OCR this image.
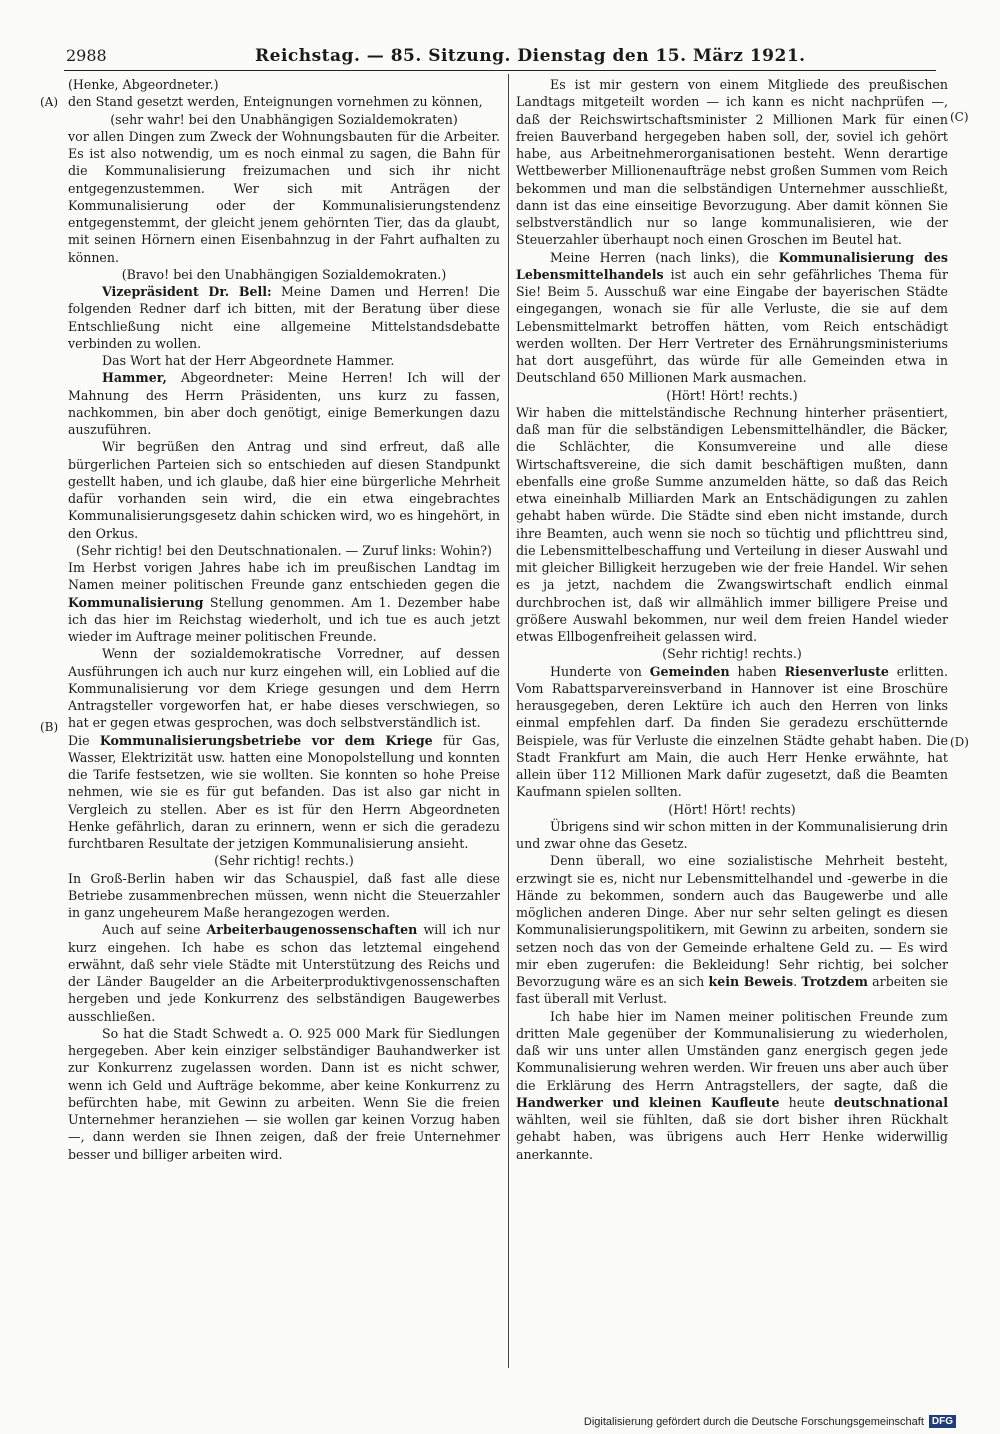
2988	Reichstag. — 85. Sitzung. Dienstag den 15. März 1921.
(A)
(B)
(C)
(D)

(Henke, Abgeordneter.)

den Stand gesetzt werden, Enteignungen vornehmen zu können,

(sehr wahr! bei den Unabhängigen Sozialdemokraten)

vor allen Dingen zum Zweck der Wohnungsbauten für die Arbeiter. Es ist also notwendig, um es noch einmal zu sagen, die Bahn für die Kommunalisierung freizumachen und sich ihr nicht entgegenzustemmen. Wer sich mit Anträgen der Kommunalisierung oder der Kommunalisierungstendenz entgegenstemmt, der gleicht jenem gehörnten Tier, das da glaubt, mit seinen Hörnern einen Eisenbahnzug in der Fahrt aufhalten zu können.

(Bravo! bei den Unabhängigen Sozialdemokraten.)

Vizepräsident Dr. Bell: Meine Damen und Herren! Die folgenden Redner darf ich bitten, mit der Beratung über diese Entschließung nicht eine allgemeine Mittelstandsdebatte verbinden zu wollen.

Das Wort hat der Herr Abgeordnete Hammer.

Hammer, Abgeordneter: Meine Herren! Ich will der Mahnung des Herrn Präsidenten, uns kurz zu fassen, nachkommen, bin aber doch genötigt, einige Bemerkungen dazu auszuführen.

Wir begrüßen den Antrag und sind erfreut, daß alle bürgerlichen Parteien sich so entschieden auf diesen Standpunkt gestellt haben, und ich glaube, daß hier eine bürgerliche Mehrheit dafür vorhanden sein wird, die ein etwa eingebrachtes Kommunalisierungsgesetz dahin schicken wird, wo es hingehört, in den Orkus.

(Sehr richtig! bei den Deutschnationalen. — Zuruf links: Wohin?)

Im Herbst vorigen Jahres habe ich im preußischen Landtag im Namen meiner politischen Freunde ganz entschieden gegen die Kommunalisierung Stellung genommen. Am 1. Dezember habe ich das hier im Reichstag wiederholt, und ich tue es auch jetzt wieder im Auftrage meiner politischen Freunde.

Wenn der sozialdemokratische Vorredner, auf dessen Ausführungen ich auch nur kurz eingehen will, ein Loblied auf die Kommunalisierung vor dem Kriege gesungen und dem Herrn Antragsteller vorgeworfen hat, er habe dieses verschwiegen, so hat er gegen etwas gesprochen, was doch selbstverständlich ist.

Die Kommunalisierungsbetriebe vor dem Kriege für Gas, Wasser, Elektrizität usw. hatten eine Monopolstellung und konnten die Tarife festsetzen, wie sie wollten. Sie konnten so hohe Preise nehmen, wie sie es für gut befanden. Das ist also gar nicht in Vergleich zu stellen. Aber es ist für den Herrn Abgeordneten Henke gefährlich, daran zu erinnern, wenn er sich die geradezu furchtbaren Resultate der jetzigen Kommunalisierung ansieht.

(Sehr richtig! rechts.)

In Groß-Berlin haben wir das Schauspiel, daß fast alle diese Betriebe zusammenbrechen müssen, wenn nicht die Steuerzahler in ganz ungeheurem Maße herangezogen werden.

Auch auf seine Arbeiterbaugenossenschaften will ich nur kurz eingehen. Ich habe es schon das letztemal eingehend erwähnt, daß sehr viele Städte mit Unterstützung des Reichs und der Länder Baugelder an die Arbeiterproduktivgenossenschaften hergeben und jede Konkurrenz des selbständigen Baugewerbes ausschließen.

So hat die Stadt Schwedt a. O. 925 000 Mark für Siedlungen hergegeben. Aber kein einziger selbständiger Bauhandwerker ist zur Konkurrenz zugelassen worden. Dann ist es nicht schwer, wenn ich Geld und Aufträge bekomme, aber keine Konkurrenz zu befürchten habe, mit Gewinn zu arbeiten. Wenn Sie die freien Unternehmer heranziehen — sie wollen gar keinen Vorzug haben —, dann werden sie Ihnen zeigen, daß der freie Unternehmer besser und billiger arbeiten wird.

Es ist mir gestern von einem Mitgliede des preußischen Landtags mitgeteilt worden — ich kann es nicht nachprüfen —, daß der Reichswirtschaftsminister 2 Millionen Mark für einen freien Bauverband hergegeben haben soll, der, soviel ich gehört habe, aus Arbeitnehmerorganisationen besteht. Wenn derartige Wettbewerber Millionenaufträge nebst großen Summen vom Reich bekommen und man die selbständigen Unternehmer ausschließt, dann ist das eine einseitige Bevorzugung. Aber damit können Sie selbstverständlich nur so lange kommunalisieren, wie der Steuerzahler überhaupt noch einen Groschen im Beutel hat.

Meine Herren (nach links), die Kommunalisierung des Lebensmittelhandels ist auch ein sehr gefährliches Thema für Sie! Beim 5. Ausschuß war eine Eingabe der bayerischen Städte eingegangen, wonach sie für alle Verluste, die sie auf dem Lebensmittelmarkt betroffen hätten, vom Reich entschädigt werden wollten. Der Herr Vertreter des Ernährungsministeriums hat dort ausgeführt, das würde für alle Gemeinden etwa in Deutschland 650 Millionen Mark ausmachen.

(Hört! Hört! rechts.)

Wir haben die mittelständische Rechnung hinterher präsentiert, daß man für die selbständigen Lebensmittelhändler, die Bäcker, die Schlächter, die Konsumvereine und alle diese Wirtschaftsvereine, die sich damit beschäftigen mußten, dann ebenfalls eine große Summe anzumelden hätte, so daß das Reich etwa eineinhalb Milliarden Mark an Entschädigungen zu zahlen gehabt haben würde. Die Städte sind eben nicht imstande, durch ihre Beamten, auch wenn sie noch so tüchtig und pflichttreu sind, die Lebensmittelbeschaffung und Verteilung in dieser Auswahl und mit gleicher Billigkeit herzugeben wie der freie Handel. Wir sehen es ja jetzt, nachdem die Zwangswirtschaft endlich einmal durchbrochen ist, daß wir allmählich immer billigere Preise und größere Auswahl bekommen, nur weil dem freien Handel wieder etwas Ellbogenfreiheit gelassen wird.

(Sehr richtig! rechts.)

Hunderte von Gemeinden haben Riesenverluste erlitten. Vom Rabattsparvereinsverband in Hannover ist eine Broschüre herausgegeben, deren Lektüre ich auch den Herren von links einmal empfehlen darf. Da finden Sie geradezu erschütternde Beispiele, was für Verluste die einzelnen Städte gehabt haben. Die Stadt Frankfurt am Main, die auch Herr Henke erwähnte, hat allein über 112 Millionen Mark dafür zugesetzt, daß die Beamten Kaufmann spielen sollten.

(Hört! Hört! rechts)

Übrigens sind wir schon mitten in der Kommunalisierung drin und zwar ohne das Gesetz.

Denn überall, wo eine sozialistische Mehrheit besteht, erzwingt sie es, nicht nur Lebensmittelhandel und -gewerbe in die Hände zu bekommen, sondern auch das Baugewerbe und alle möglichen anderen Dinge. Aber nur sehr selten gelingt es diesen Kommunalisierungspolitikern, mit Gewinn zu arbeiten, sondern sie setzen noch das von der Gemeinde erhaltene Geld zu. — Es wird mir eben zugerufen: die Bekleidung! Sehr richtig, bei solcher Bevorzugung wäre es an sich kein Beweis. Trotzdem arbeiten sie fast überall mit Verlust.

Ich habe hier im Namen meiner politischen Freunde zum dritten Male gegenüber der Kommunalisierung zu wiederholen, daß wir uns unter allen Umständen ganz energisch gegen jede Kommunalisierung wehren werden. Wir freuen uns aber auch über die Erklärung des Herrn Antragstellers, der sagte, daß die Handwerker und kleinen Kaufleute heute deutschnational wählten, weil sie fühlten, daß sie dort bisher ihren Rückhalt gehabt haben, was übrigens auch Herr Henke widerwillig anerkannte.

Digitalisierung gefördert durch die Deutsche Forschungsgemeinschaft DFG
